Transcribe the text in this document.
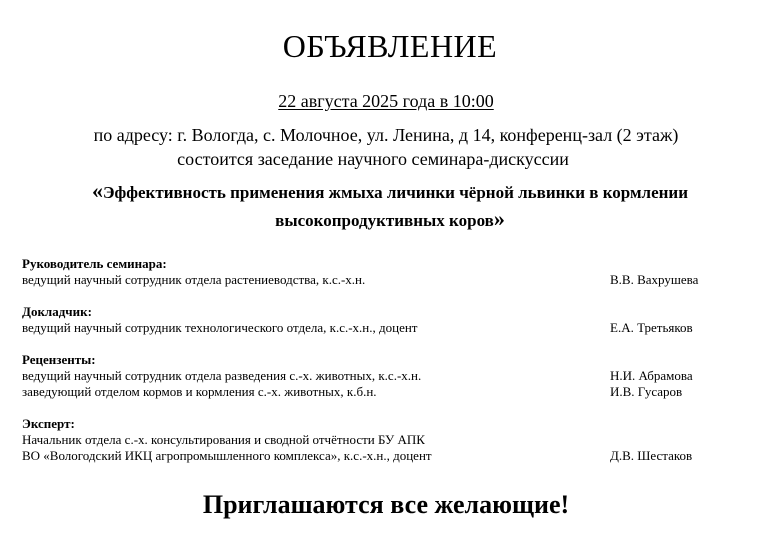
ОБЪЯВЛЕНИЕ
22 августа 2025 года в 10:00
по адресу: г. Вологда, с. Молочное, ул. Ленина, д 14, конференц-зал (2 этаж)
состоится заседание научного семинара-дискуссии
«Эффективность применения жмыха личинки чёрной львинки в кормлении
высокопродуктивных коров»
Руководитель семинара:
ведущий научный сотрудник отдела растениеводства, к.с.-х.н.	В.В. Вахрушева
Докладчик:
ведущий научный сотрудник технологического отдела, к.с.-х.н., доцент	Е.А. Третьяков
Рецензенты:
ведущий научный сотрудник отдела разведения с.-х. животных, к.с.-х.н.	Н.И. Абрамова
заведующий отделом кормов и кормления с.-х. животных, к.б.н.	И.В. Гусаров
Эксперт:
Начальник отдела с.-х. консультирования и сводной отчётности БУ АПК
ВО «Вологодский ИКЦ агропромышленного комплекса», к.с.-х.н., доцент	Д.В. Шестаков
Приглашаются все желающие!
